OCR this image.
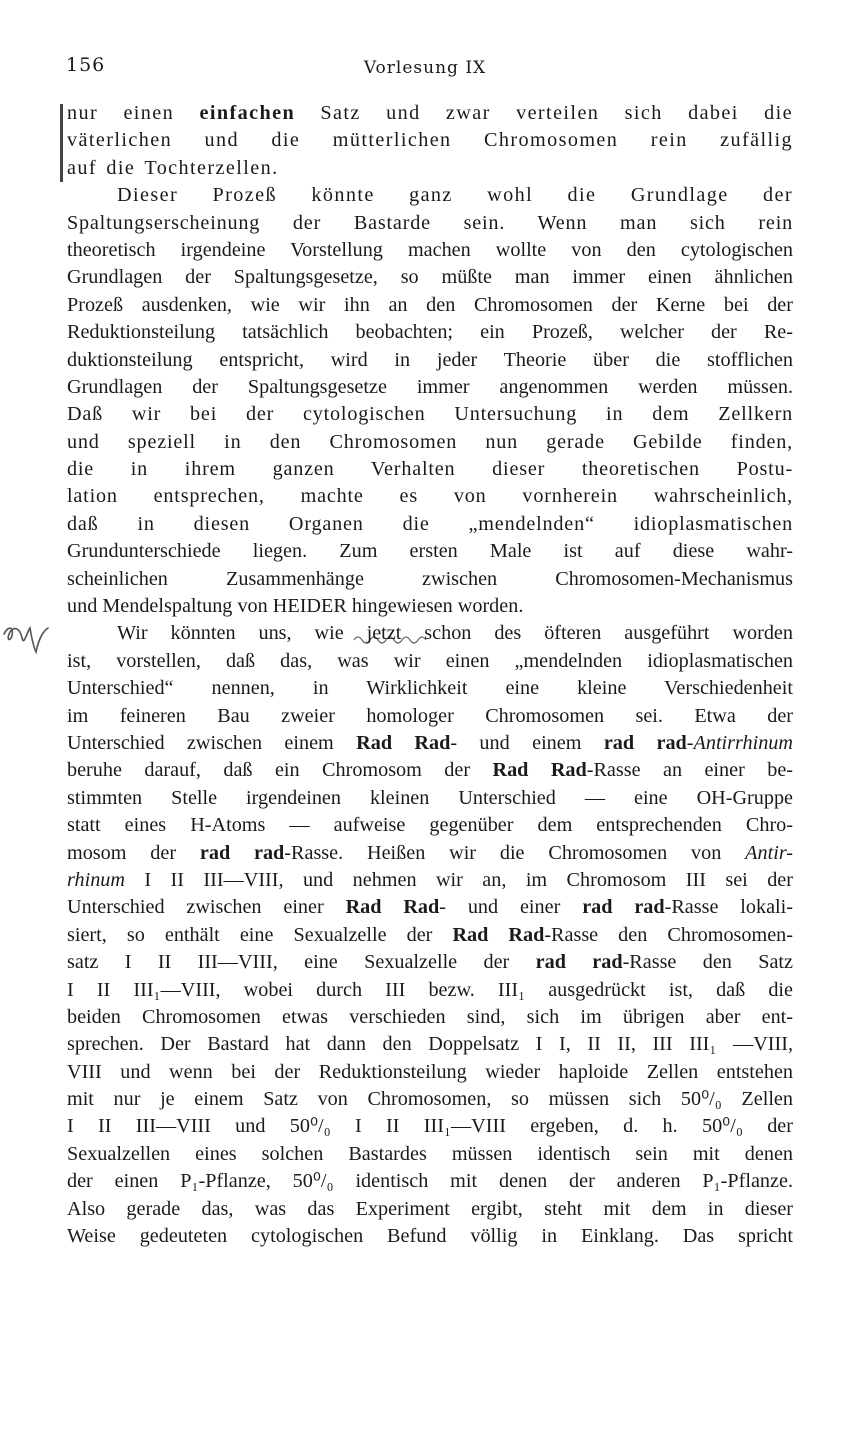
156	Vorlesung IX
nur einen einfachen Satz und zwar verteilen sich dabei die
väterlichen und die mütterlichen Chromosomen rein zufällig
auf die Tochterzellen.
Dieser Prozeß könnte ganz wohl die Grundlage der
Spaltungserscheinung der Bastarde sein. Wenn man sich rein
theoretisch irgendeine Vorstellung machen wollte von den cytologischen
Grundlagen der Spaltungsgesetze, so müßte man immer einen ähnlichen
Prozeß ausdenken, wie wir ihn an den Chromosomen der Kerne bei der
Reduktionsteilung tatsächlich beobachten; ein Prozeß, welcher der Re-
duktionsteilung entspricht, wird in jeder Theorie über die stofflichen
Grundlagen der Spaltungsgesetze immer angenommen werden müssen.
Daß wir bei der cytologischen Untersuchung in dem Zellkern
und speziell in den Chromosomen nun gerade Gebilde finden,
die in ihrem ganzen Verhalten dieser theoretischen Postu-
lation entsprechen, machte es von vornherein wahrscheinlich,
daß in diesen Organen die „mendelnden“ idioplasmatischen
Grundunterschiede liegen. Zum ersten Male ist auf diese wahr-
scheinlichen Zusammenhänge zwischen Chromosomen-Mechanismus
und Mendelspaltung von HEIDER hingewiesen worden.
Wir könnten uns, wie jetzt schon des öfteren ausgeführt worden
ist, vorstellen, daß das, was wir einen „mendelnden idioplasmatischen
Unterschied“ nennen, in Wirklichkeit eine kleine Verschiedenheit
im feineren Bau zweier homologer Chromosomen sei. Etwa der
Unterschied zwischen einem Rad Rad- und einem rad rad-Antirrhinum
beruhe darauf, daß ein Chromosom der Rad Rad-Rasse an einer be-
stimmten Stelle irgendeinen kleinen Unterschied — eine OH-Gruppe
statt eines H-Atoms — aufweise gegenüber dem entsprechenden Chro-
mosom der rad rad-Rasse. Heißen wir die Chromosomen von Antir-
rhinum I II III—VIII, und nehmen wir an, im Chromosom III sei der
Unterschied zwischen einer Rad Rad- und einer rad rad-Rasse lokali-
siert, so enthält eine Sexualzelle der Rad Rad-Rasse den Chromosomen-
satz I II III—VIII, eine Sexualzelle der rad rad-Rasse den Satz
I II III₁—VIII, wobei durch III bezw. III₁ ausgedrückt ist, daß die
beiden Chromosomen etwas verschieden sind, sich im übrigen aber ent-
sprechen. Der Bastard hat dann den Doppelsatz I I, II II, III III₁ —VIII,
VIII und wenn bei der Reduktionsteilung wieder haploide Zellen entstehen
mit nur je einem Satz von Chromosomen, so müssen sich 50⁰/₀ Zellen
I II III—VIII und 50⁰/₀ I II III₁—VIII ergeben, d. h. 50⁰/₀ der
Sexualzellen eines solchen Bastardes müssen identisch sein mit denen
der einen P₁-Pflanze, 50⁰/₀ identisch mit denen der anderen P₁-Pflanze.
Also gerade das, was das Experiment ergibt, steht mit dem in dieser
Weise gedeuteten cytologischen Befund völlig in Einklang. Das spricht
